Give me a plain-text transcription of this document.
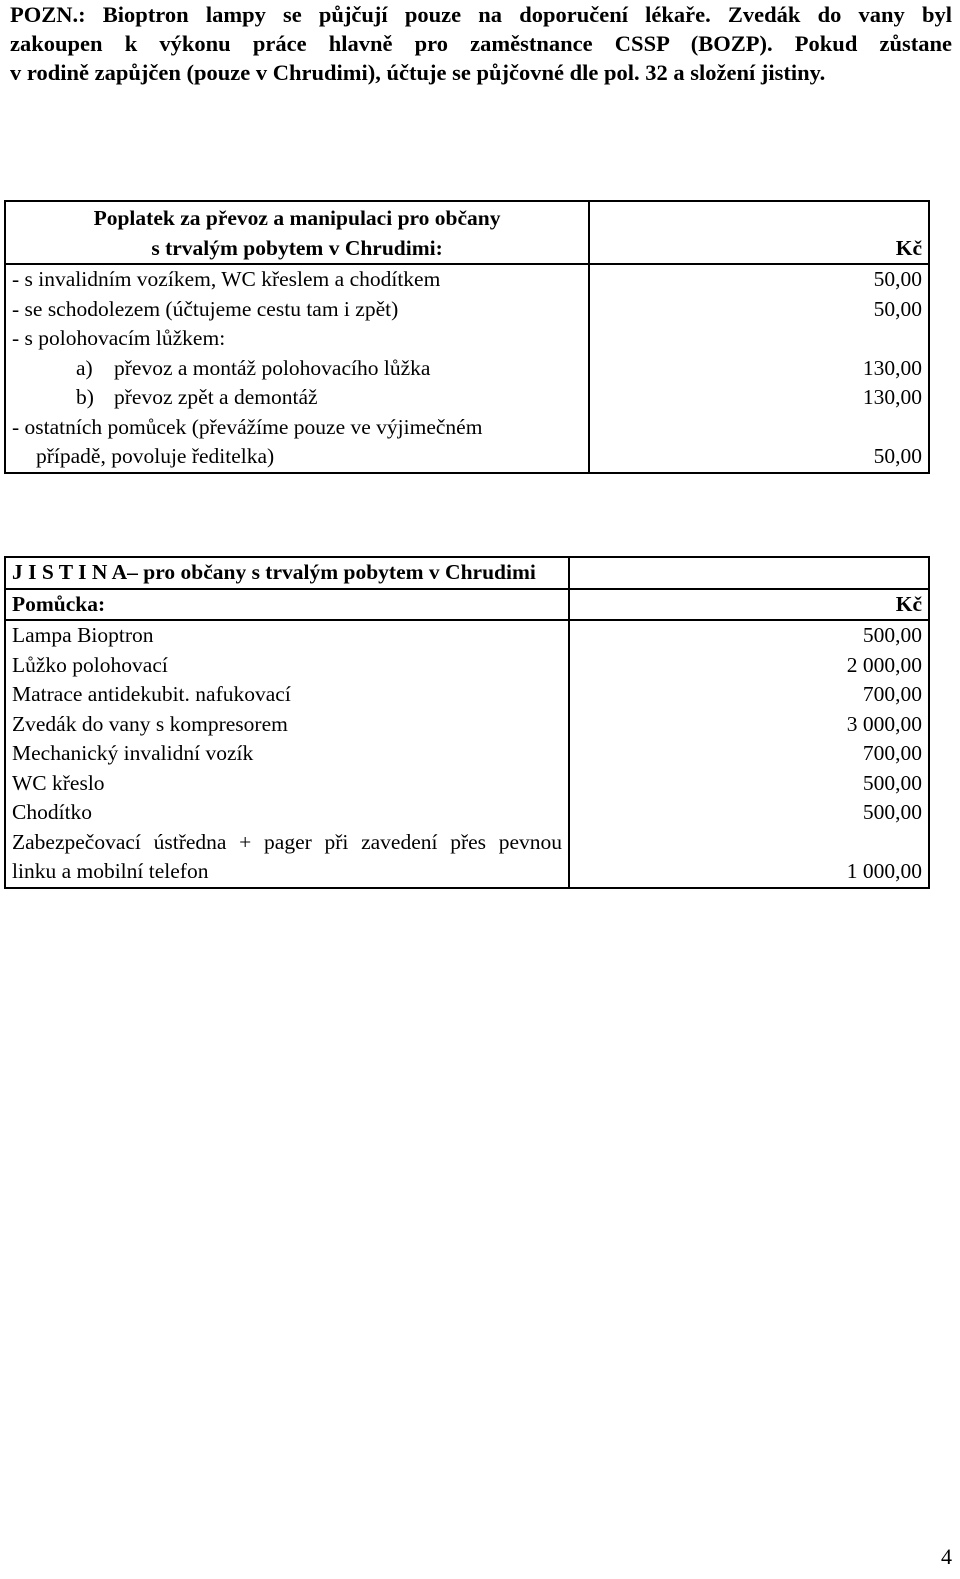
POZN.: Bioptron lampy se půjčují pouze na doporučení lékaře. Zvedák do vany byl
zakoupen k výkonu práce hlavně pro zaměstnance CSSP (BOZP). Pokud zůstane
v rodině zapůjčen (pouze v Chrudimi), účtuje se půjčovné dle pol. 32 a složení jistiny.
Poplatek za převoz a manipulaci pro občany
s trvalým pobytem v Chrudimi:	Kč
- s invalidním vozíkem, WC křeslem a chodítkem	50,00
- se schodolezem (účtujeme cestu tam i zpět)	50,00
- s polohovacím lůžkem:	
a) převoz a montáž polohovacího lůžka	130,00
b) převoz zpět a demontáž	130,00

- ostatních pomůcek (převážíme pouze ve výjimečném
případě, povoluje ředitelka)	50,00
J I S T I N A– pro občany s trvalým pobytem v Chrudimi	
Pomůcka:	Kč
Lampa Bioptron	500,00
Lůžko polohovací	2 000,00
Matrace antidekubit. nafukovací	700,00
Zvedák do vany s kompresorem	3 000,00
Mechanický invalidní vozík	700,00
WC křeslo	500,00
Chodítko	500,00

Zabezpečovací ústředna + pager při zavedení přes pevnou
linku a mobilní telefon	1 000,00
4
